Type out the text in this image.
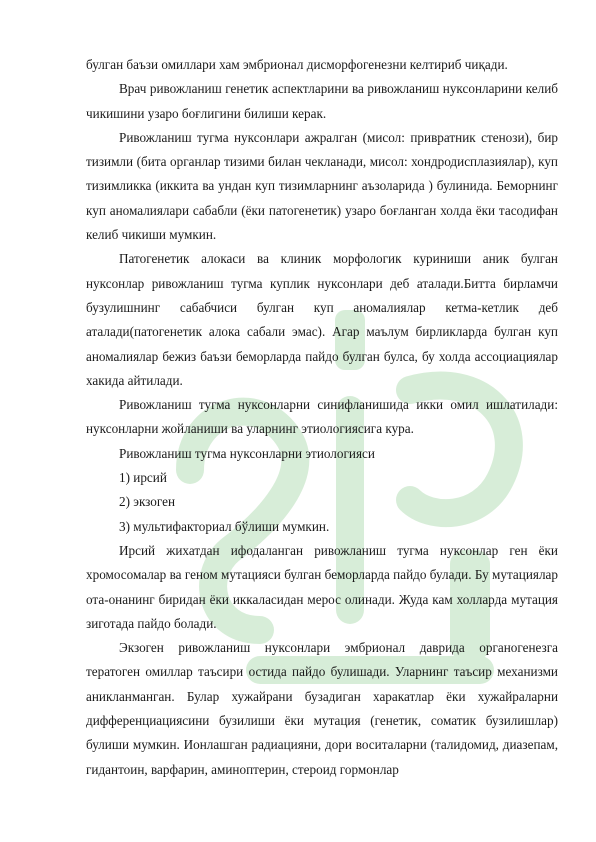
булган баъзи омиллари хам эмбрионал дисморфогенезни келтириб чиқади.

Врач ривожланиш генетик аспектларини ва ривожланиш нуксонларини келиб чикишини узаро боғлигини билиши керак.

Ривожланиш тугма нуксонлари ажралган (мисол: привратник стенози), бир тизимли (бита органлар тизими билан чекланади, мисол: хондродисплазиялар), куп тизимликка (иккита ва ундан куп тизимларнинг аъзоларида ) булинида. Беморнинг куп аномалиялари сабабли (ёки патогенетик) узаро боғланган холда ёки тасодифан келиб чикиши мумкин.

Патогенетик алокаси ва клиник морфологик куриниши аник булган нуксонлар ривожланиш тугма куплик нуксонлари деб аталади.Битта бирламчи бузулишнинг сабабчиси булган куп аномалиялар кетма-кетлик деб аталади(патогенетик алока сабали эмас). Агар маълум бирликларда булган куп аномалиялар бежиз баъзи беморларда пайдо булган булса, бу холда ассоциациялар хакида айтилади.

Ривожланиш тугма нуксонларни синифланишида икки омил ишлатилади: нуксонларни жойланиши ва уларнинг этиологиясига кура.

Ривожланиш тугма нуксонларни этиологияси

1) ирсий

2) экзоген

3) мультифакториал бўлиши мумкин.

Ирсий жихатдан ифодаланган ривожланиш тугма нуксонлар ген ёки хромосомалар ва геном мутацияси булган беморларда пайдо булади. Бу мутациялар ота-онанинг биридан ёки иккаласидан мерос олинади. Жуда кам холларда мутация зиготада пайдо болади.

Экзоген ривожланиш нуксонлари эмбрионал даврида органогенезга тератоген омиллар таъсири остида пайдо булишади. Уларнинг таъсир механизми аникланманган. Булар хужайрани бузадиган харакатлар ёки хужайраларни дифференциациясини бузилиши ёки мутация (генетик, соматик бузилишлар) булиши мумкин. Ионлашган радиацияни, дори воситаларни (талидомид, диазепам, гидантоин, варфарин, аминоптерин, стероид гормонлар
